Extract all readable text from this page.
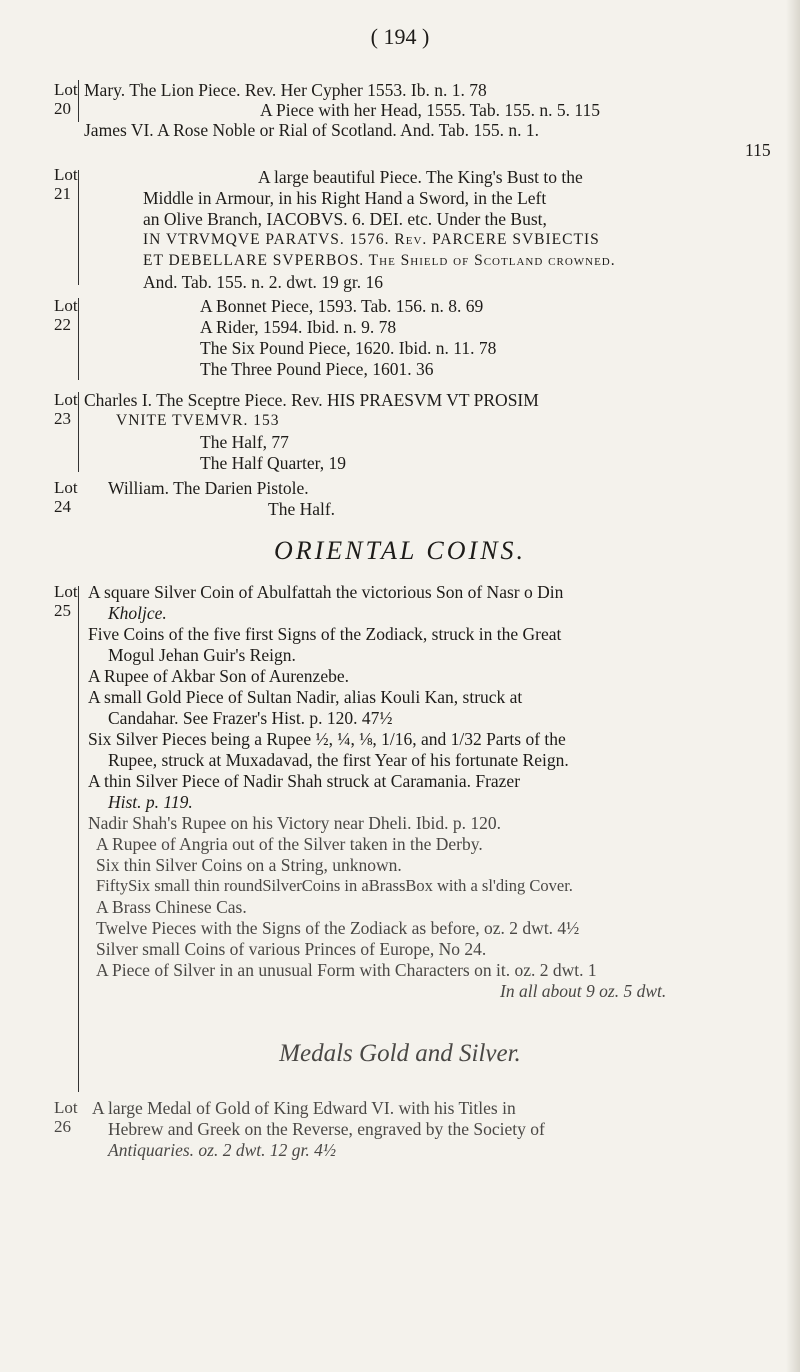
( 194 )
Lot
20
Mary. The Lion Piece. Rev. Her Cypher 1553. Ib. n. 1. 78
A Piece with her Head, 1555. Tab. 155. n. 5. 115
James VI. A Rose Noble or Rial of Scotland. And. Tab. 155. n. 1.
115
Lot
21
A large beautiful Piece. The King's Bust to the
Middle in Armour, in his Right Hand a Sword, in the Left
an Olive Branch, IACOBVS. 6. DEI. etc. Under the Bust,
IN VTRVMQVE PARATVS. 1576. Rev. PARCERE SVBIECTIS
ET DEBELLARE SVPERBOS. The Shield of Scotland crowned.
And. Tab. 155. n. 2. dwt. 19 gr. 16
Lot
22
A Bonnet Piece, 1593. Tab. 156. n. 8. 69
A Rider, 1594. Ibid. n. 9. 78
The Six Pound Piece, 1620. Ibid. n. 11. 78
The Three Pound Piece, 1601. 36
Lot
23
Charles I. The Sceptre Piece. Rev. HIS PRAESVM VT PROSIM
VNITE TVEMVR. 153
The Half, 77
The Half Quarter, 19
Lot
24
William. The Darien Pistole.
The Half.
ORIENTAL COINS.
Lot
25
A square Silver Coin of Abulfattah the victorious Son of Nasr o Din
Kholjce.
Five Coins of the five first Signs of the Zodiack, struck in the Great
Mogul Jehan Guir's Reign.
A Rupee of Akbar Son of Aurenzebe.
A small Gold Piece of Sultan Nadir, alias Kouli Kan, struck at
Candahar. See Frazer's Hist. p. 120. 47½
Six Silver Pieces being a Rupee ½, ¼, ⅛, 1/16, and 1/32 Parts of the
Rupee, struck at Muxadavad, the first Year of his fortunate Reign.
A thin Silver Piece of Nadir Shah struck at Caramania. Frazer
Hist. p. 119.
Nadir Shah's Rupee on his Victory near Dheli. Ibid. p. 120.
A Rupee of Angria out of the Silver taken in the Derby.
Six thin Silver Coins on a String, unknown.
FiftySix small thin roundSilverCoins in aBrassBox with a sl'ding Cover.
A Brass Chinese Cas.
Twelve Pieces with the Signs of the Zodiack as before, oz. 2 dwt. 4½
Silver small Coins of various Princes of Europe, No 24.
A Piece of Silver in an unusual Form with Characters on it. oz. 2 dwt. 1
In all about 9 oz. 5 dwt.
Medals Gold and Silver.
Lot
26
A large Medal of Gold of King Edward VI. with his Titles in
Hebrew and Greek on the Reverse, engraved by the Society of
Antiquaries. oz. 2 dwt. 12 gr. 4½
